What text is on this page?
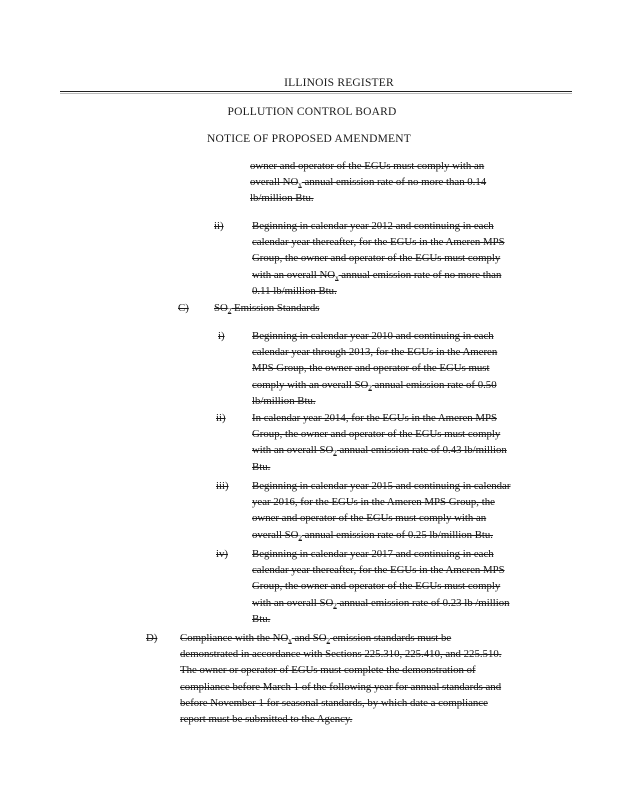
ILLINOIS REGISTER
POLLUTION CONTROL BOARD
NOTICE OF PROPOSED AMENDMENT
owner and operator of the EGUs must comply with an
overall $NO_x$ annual emission rate of no more than 0.14
lb/million Btu.
ii)	Beginning in calendar year 2012 and continuing in each
calendar year thereafter, for the EGUs in the Ameren MPS
Group, the owner and operator of the EGUs must comply
with an overall $NO_x$ annual emission rate of no more than
0.11 lb/million Btu.
C) $SO_2$ Emission Standards
i)	Beginning in calendar year 2010 and continuing in each
calendar year through 2013, for the EGUs in the Ameren
MPS Group, the owner and operator of the EGUs must
comply with an overall $SO_2$ annual emission rate of 0.50
lb/million Btu.
ii) In calendar year 2014, for the EGUs in the Ameren MPS
Group, the owner and operator of the EGUs must comply
with an overall $SO_2$ annual emission rate of 0.43 lb/million
Btu.
iii) Beginning in calendar year 2015 and continuing in calendar
year 2016, for the EGUs in the Ameren MPS Group, the
owner and operator of the EGUs must comply with an
overall $SO_2$ annual emission rate of 0.25 lb/million Btu.
iv) Beginning in calendar year 2017 and continuing in each
calendar year thereafter, for the EGUs in the Ameren MPS
Group, the owner and operator of the EGUs must comply
with an overall $SO_2$ annual emission rate of 0.23 lb /million
Btu.
D) Compliance with the $NO_x$ and $SO_2$ emission standards must be
demonstrated in accordance with Sections 225.310, 225.410, and 225.510.
The owner or operator of EGUs must complete the demonstration of
compliance before March 1 of the following year for annual standards and
before November 1 for seasonal standards, by which date a compliance
report must be submitted to the Agency.
